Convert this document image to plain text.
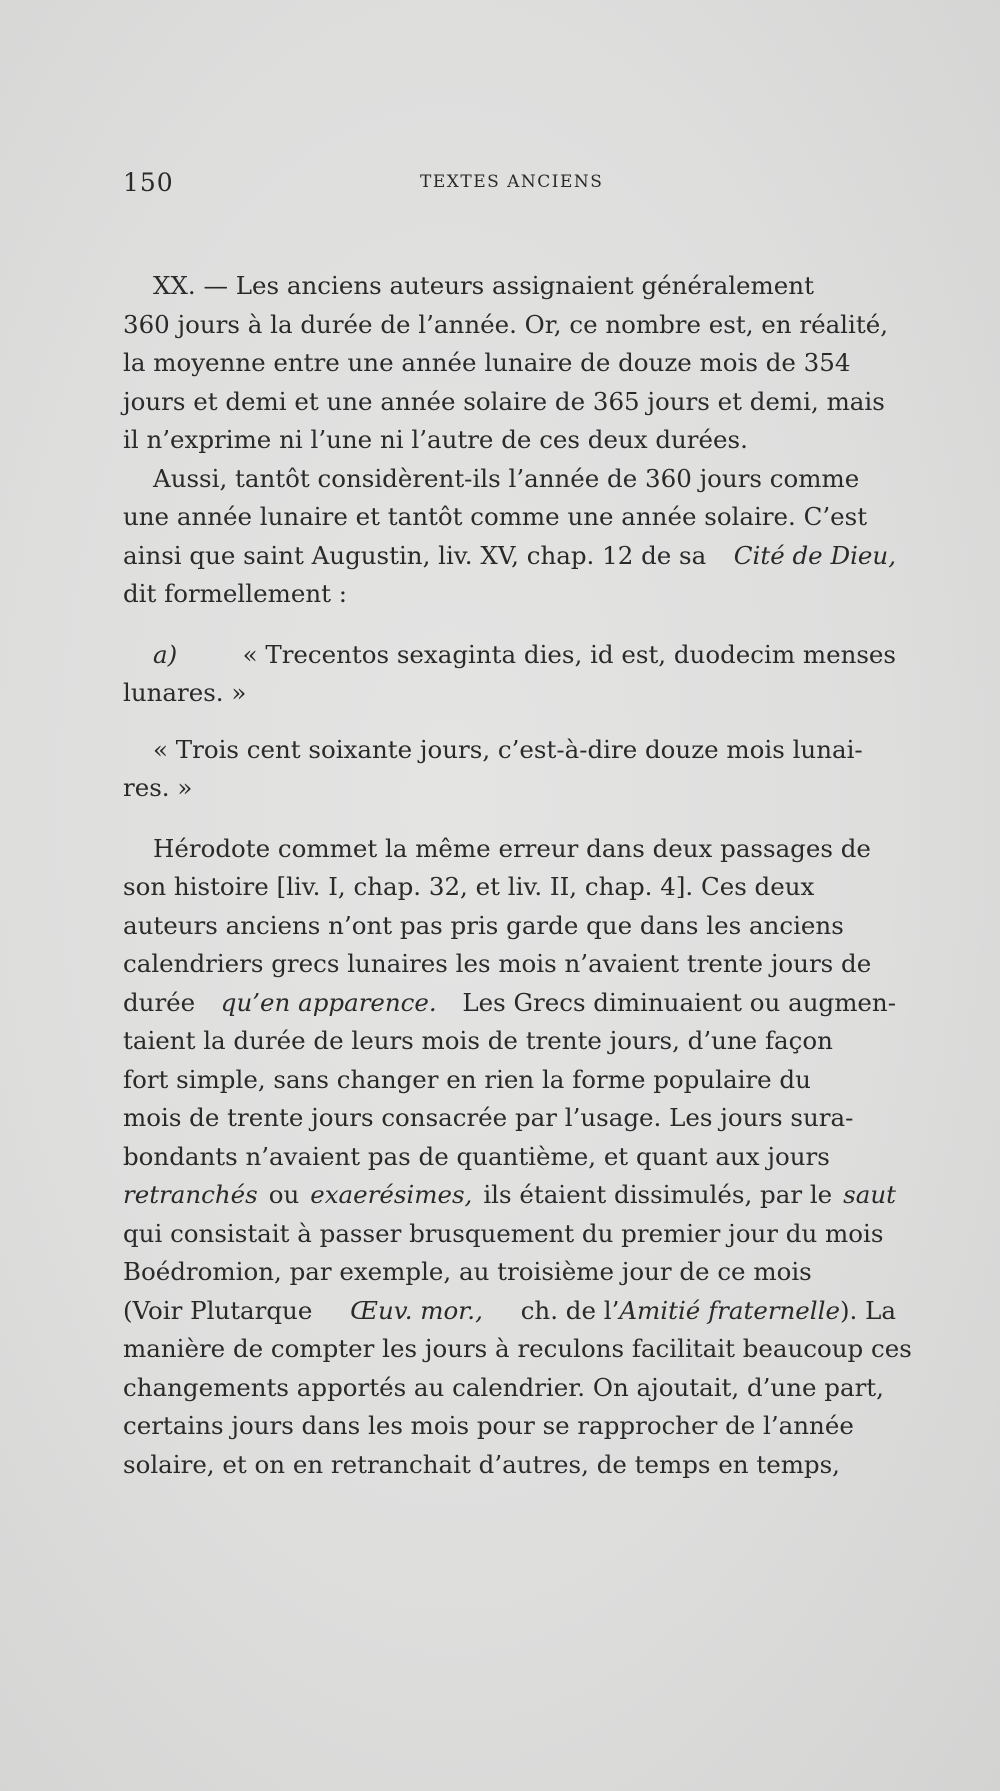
150	TEXTES ANCIENS
XX. — Les anciens auteurs assignaient généralement
360 jours à la durée de l’année. Or, ce nombre est, en réalité,
la moyenne entre une année lunaire de douze mois de 354
jours et demi et une année solaire de 365 jours et demi, mais
il n’exprime ni l’une ni l’autre de ces deux durées.
Aussi, tantôt considèrent-ils l’année de 360 jours comme
une année lunaire et tantôt comme une année solaire. C’est
ainsi que saint Augustin, liv. XV, chap. 12 de sa Cité de Dieu,
dit formellement :
a)	« Trecentos sexaginta dies, id est, duodecim menses
lunares. »
« Trois cent soixante jours, c’est-à-dire douze mois lunai-
res. »
Hérodote commet la même erreur dans deux passages de
son histoire [liv. I, chap. 32, et liv. II, chap. 4]. Ces deux
auteurs anciens n’ont pas pris garde que dans les anciens
calendriers grecs lunaires les mois n’avaient trente jours de
durée qu’en apparence. Les Grecs diminuaient ou augmen-
taient la durée de leurs mois de trente jours, d’une façon
fort simple, sans changer en rien la forme populaire du
mois de trente jours consacrée par l’usage. Les jours sura-
bondants n’avaient pas de quantième, et quant aux jours
retranchés ou exaerésimes, ils étaient dissimulés, par le saut
qui consistait à passer brusquement du premier jour du mois
Boédromion, par exemple, au troisième jour de ce mois
(Voir Plutarque Œuv. mor., ch. de l’Amitié fraternelle). La
manière de compter les jours à reculons facilitait beaucoup ces
changements apportés au calendrier. On ajoutait, d’une part,
certains jours dans les mois pour se rapprocher de l’année
solaire, et on en retranchait d’autres, de temps en temps,
